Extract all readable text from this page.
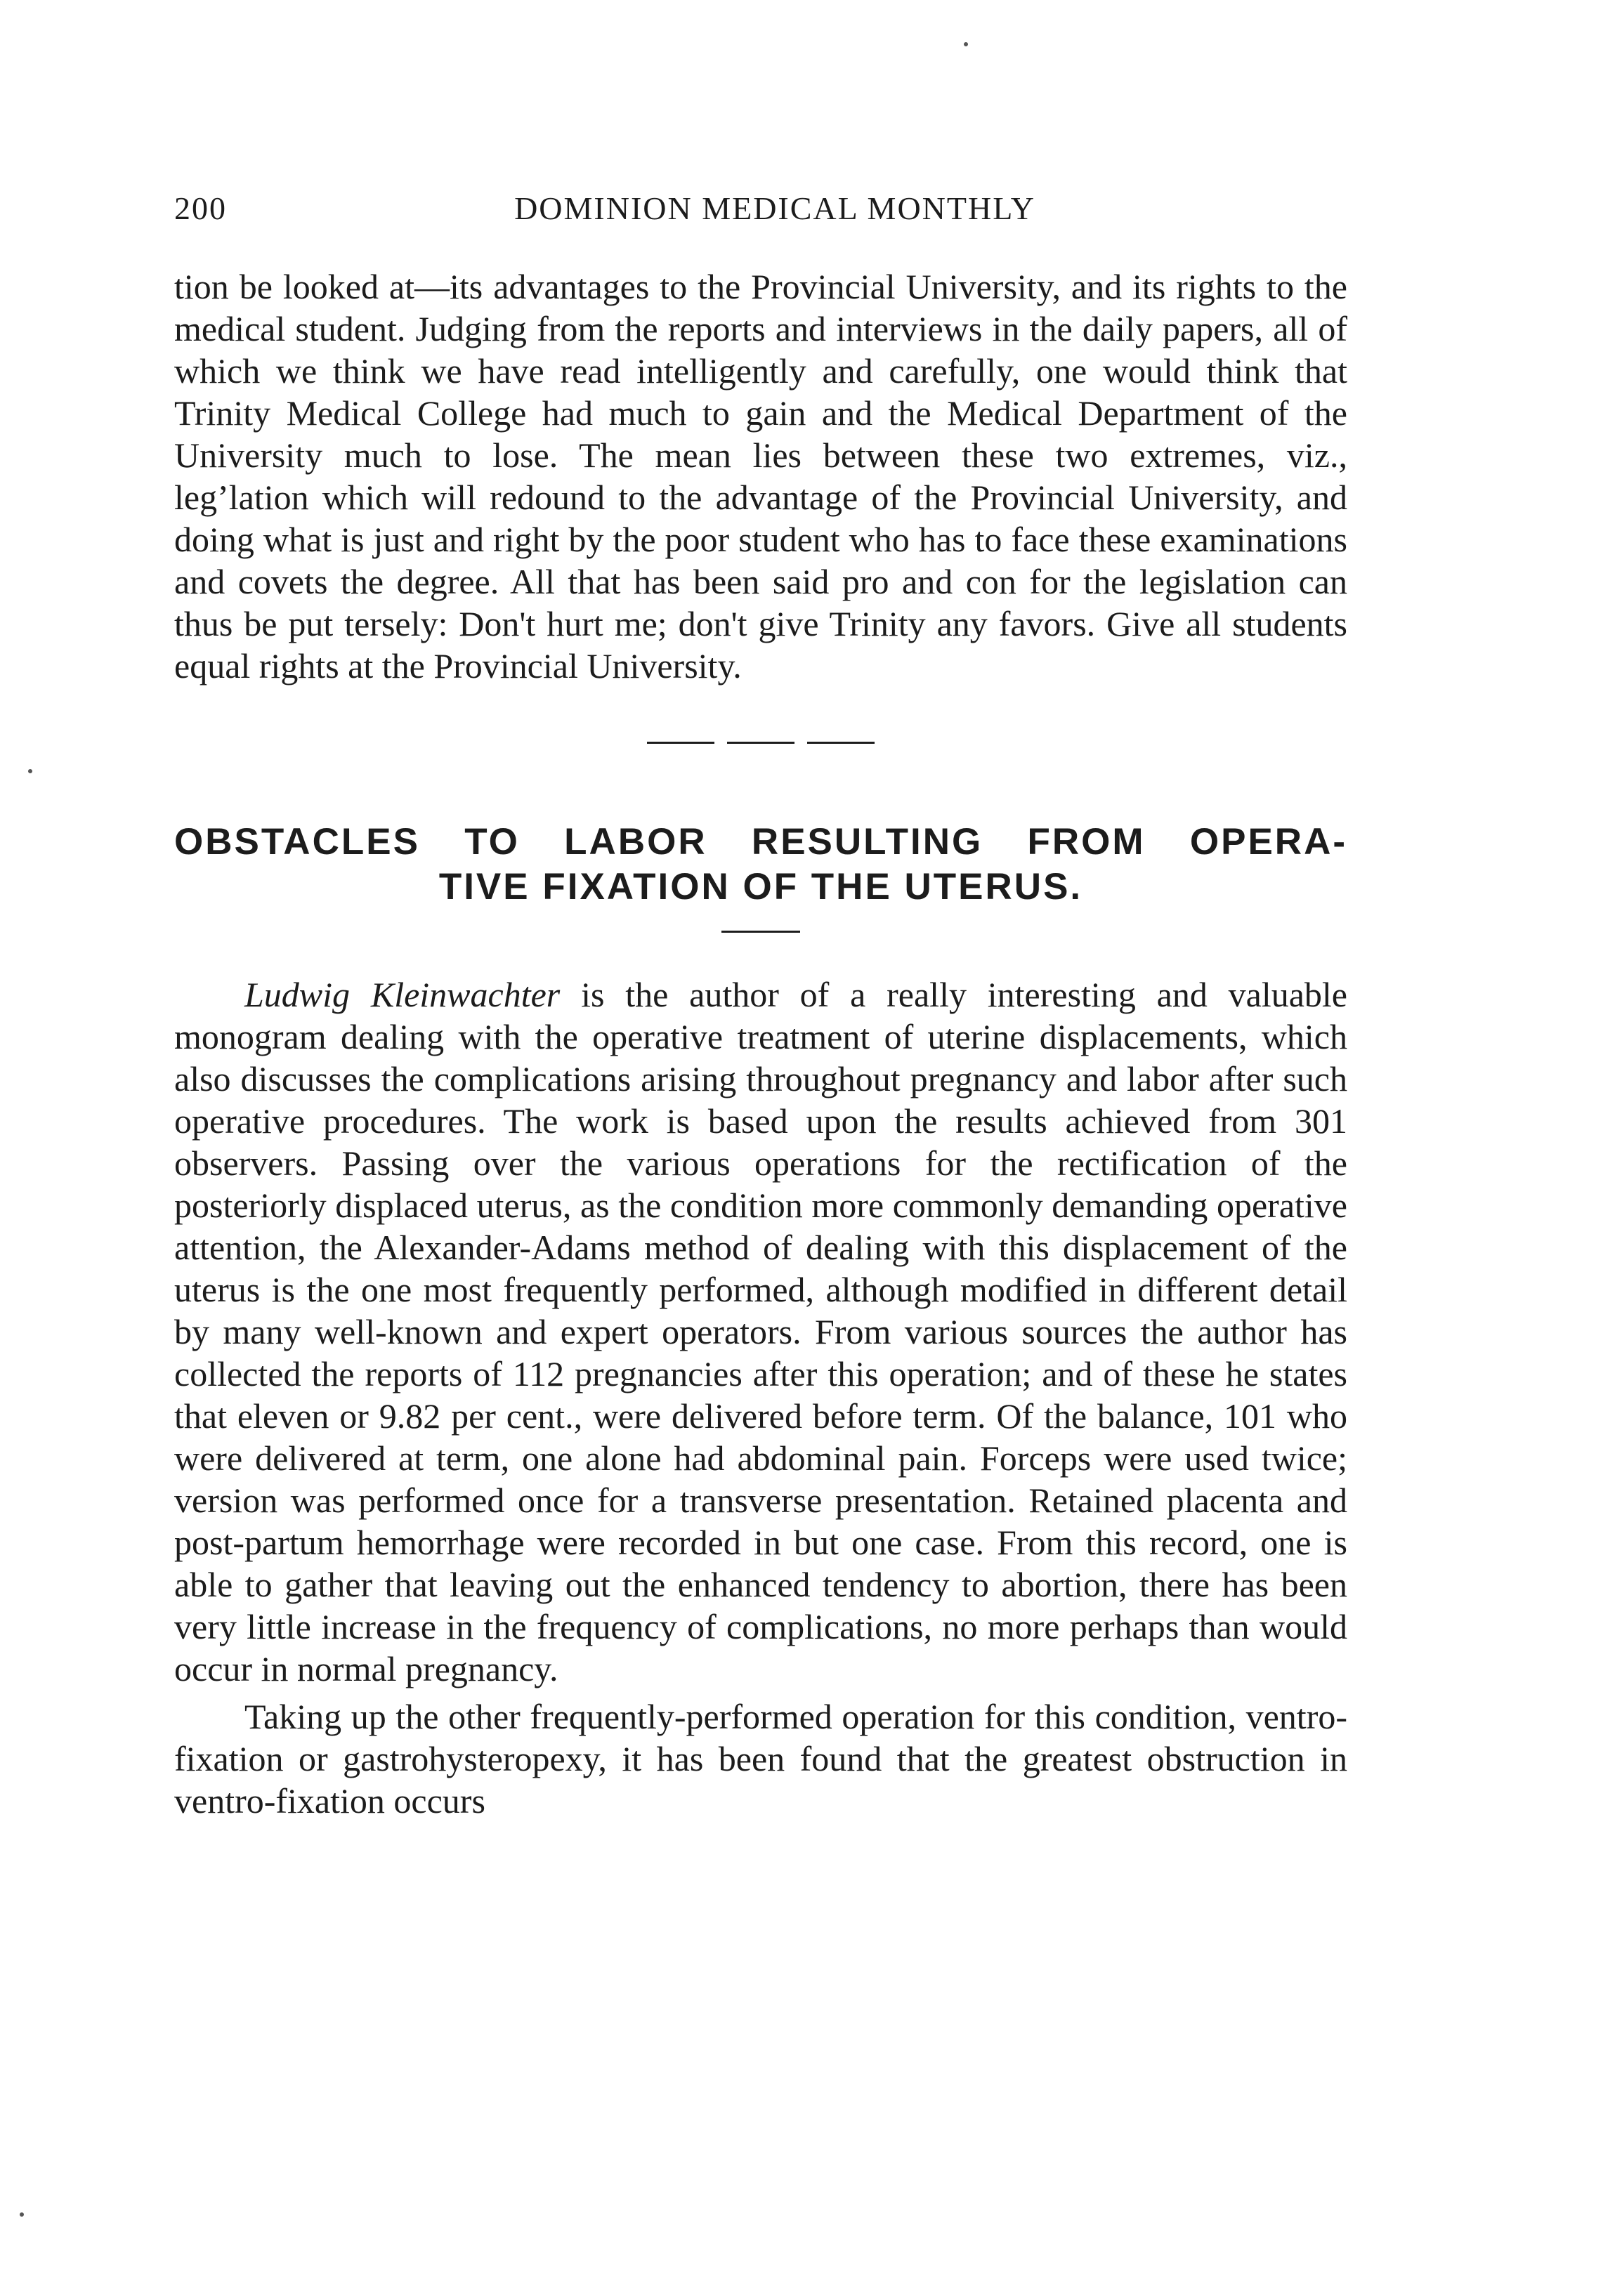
200	DOMINION MEDICAL MONTHLY

tion be looked at—its advantages to the Provincial University, and its rights to the medical student. Judging from the reports and interviews in the daily papers, all of which we think we have read intelligently and carefully, one would think that Trinity Medical College had much to gain and the Medical Department of the University much to lose. The mean lies between these two extremes, viz., legʼlation which will redound to the advantage of the Provincial University, and doing what is just and right by the poor student who has to face these examinations and covets the degree. All that has been said pro and con for the legislation can thus be put tersely: Don't hurt me; don't give Trinity any favors. Give all students equal rights at the Provincial University.

OBSTACLES TO LABOR RESULTING FROM OPERA-
TIVE FIXATION OF THE UTERUS.

Ludwig Kleinwachter is the author of a really interesting and valuable monogram dealing with the operative treatment of uterine displacements, which also discusses the complications arising throughout pregnancy and labor after such operative procedures. The work is based upon the results achieved from 301 observers. Passing over the various operations for the rectification of the posteriorly displaced uterus, as the condition more commonly demanding operative attention, the Alexander-Adams method of dealing with this displacement of the uterus is the one most frequently performed, although modified in different detail by many well-known and expert operators. From various sources the author has collected the reports of 112 pregnancies after this operation; and of these he states that eleven or 9.82 per cent., were delivered before term. Of the balance, 101 who were delivered at term, one alone had abdominal pain. Forceps were used twice; version was performed once for a transverse presentation. Retained placenta and post-partum hemorrhage were recorded in but one case. From this record, one is able to gather that leaving out the enhanced tendency to abortion, there has been very little increase in the frequency of complications, no more perhaps than would occur in normal pregnancy.

Taking up the other frequently-performed operation for this condition, ventro-fixation or gastrohysteropexy, it has been found that the greatest obstruction in ventro-fixation occurs
